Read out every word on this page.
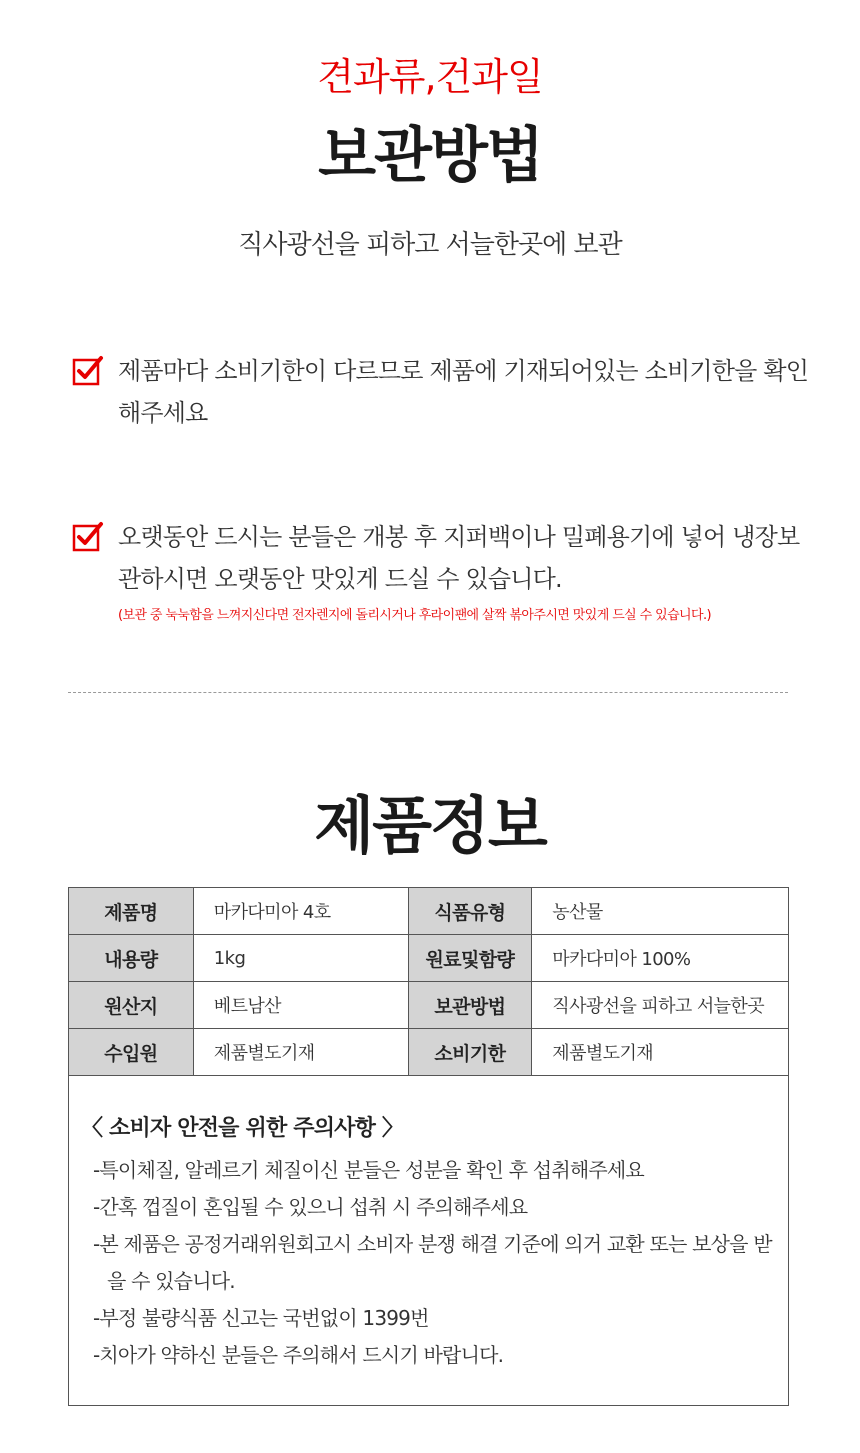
견과류,건과일
보관방법
직사광선을 피하고 서늘한곳에 보관
제품마다 소비기한이 다르므로 제품에 기재되어있는 소비기한을 확인해주세요
오랫동안 드시는 분들은 개봉 후 지퍼백이나 밀폐용기에 넣어 냉장보관하시면 오랫동안 맛있게 드실 수 있습니다.
(보관 중 눅눅함을 느껴지신다면 전자렌지에 돌리시거나 후라이팬에 살짝 볶아주시면 맛있게 드실 수 있습니다.)
제품정보
제품명	마카다미아 4호	식품유형	농산물
내용량	1kg	원료및함량	마카다미아 100%
원산지	베트남산	보관방법	직사광선을 피하고 서늘한곳
수입원	제품별도기재	소비기한	제품별도기재
〈 소비자 안전을 위한 주의사항 〉
-특이체질, 알레르기 체질이신 분들은 성분을 확인 후 섭취해주세요
-간혹 껍질이 혼입될 수 있으니 섭취 시 주의해주세요
-본 제품은 공정거래위원회고시 소비자 분쟁 해결 기준에 의거 교환 또는 보상을 받을 수 있습니다.
-부정 불량식품 신고는 국번없이 1399번
-치아가 약하신 분들은 주의해서 드시기 바랍니다.
